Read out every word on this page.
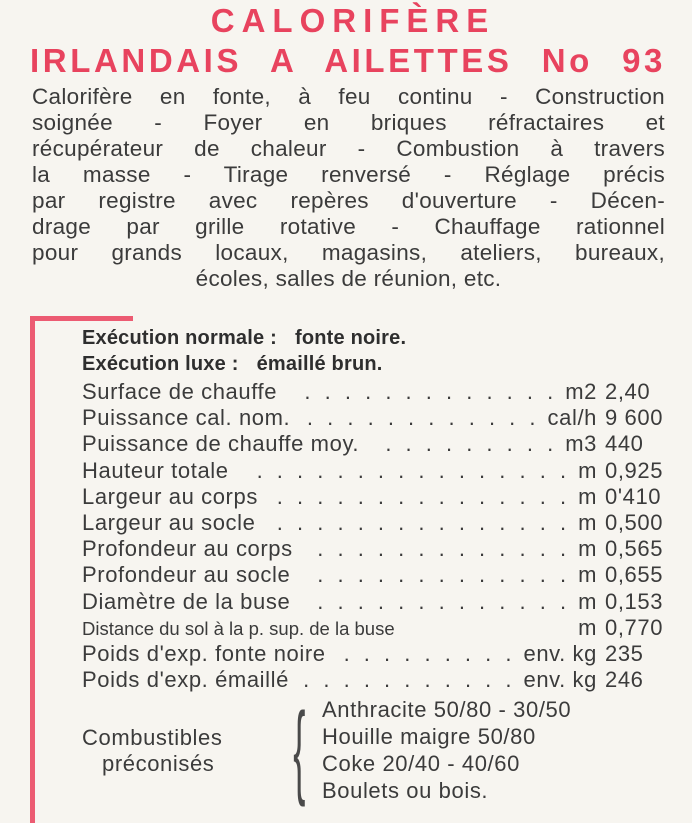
CALORIFÈRE
IRLANDAIS A AILETTES No 93
Calorifère en fonte, à feu continu - Construction
soignée - Foyer en briques réfractaires et
récupérateur de chaleur - Combustion à travers
la masse - Tirage renversé - Réglage précis
par registre avec repères d'ouverture - Décen-
drage par grille rotative - Chauffage rationnel
pour grands locaux, magasins, ateliers, bureaux,
écoles, salles de réunion, etc.
Exécution normale : fonte noire.
Exécution luxe : émaillé brun.
Surface de chauffe	. . . . . . . . . . . . . m2 2,40
Puissance cal. nom. . . . . . . . . . . . . cal/h 9 600
Puissance de chauffe moy.	. . . . . . . . . m3 440
Hauteur totale	. . . . . . . . . . . . . . . . m 0,925
Largeur au corps . . . . . . . . . . . . . . . m 0'410
Largeur au socle . . . . . . . . . . . . . . . m 0,500
Profondeur au corps	. . . . . . . . . . . . . m 0,565
Profondeur au socle	. . . . . . . . . . . . . m 0,655
Diamètre de la buse	. . . . . . . . . . . . . m 0,153
Distance du sol à la p. sup. de la buse	m 0,770
Poids d'exp. fonte noire . . . . . . . . . env. kg 235
Poids d'exp. émaillé . . . . . . . . . . . env. kg 246
Combustibles
préconisés { Anthracite 50/80 - 30/50
Houille maigre 50/80
Coke 20/40 - 40/60
Boulets ou bois.
